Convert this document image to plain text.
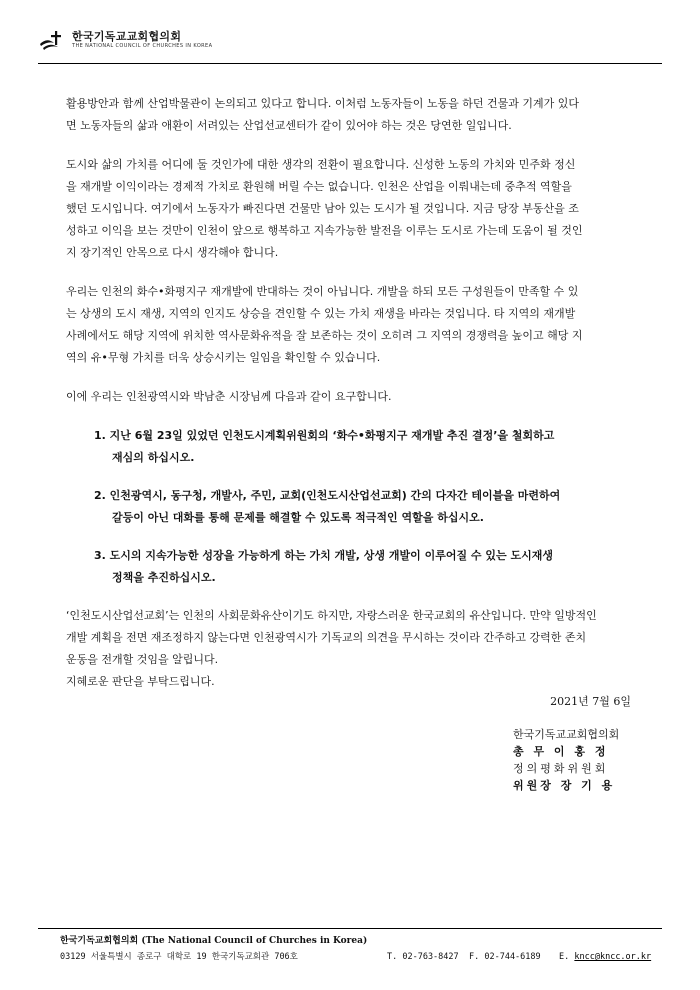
한국기독교교회협의회
THE NATIONAL COUNCIL OF CHURCHES IN KOREA

활용방안과 함께 산업박물관이 논의되고 있다고 합니다. 이처럼 노동자들이 노동을 하던 건물과 기계가 있다
면 노동자들의 삶과 애환이 서려있는 산업선교센터가 같이 있어야 하는 것은 당연한 일입니다.

도시와 삶의 가치를 어디에 둘 것인가에 대한 생각의 전환이 필요합니다. 신성한 노동의 가치와 민주화 정신
을 재개발 이익이라는 경제적 가치로 환원해 버릴 수는 없습니다. 인천은 산업을 이뤄내는데 중추적 역할을
했던 도시입니다. 여기에서 노동자가 빠진다면 건물만 남아 있는 도시가 될 것입니다. 지금 당장 부동산을 조
성하고 이익을 보는 것만이 인천이 앞으로 행복하고 지속가능한 발전을 이루는 도시로 가는데 도움이 될 것인
지 장기적인 안목으로 다시 생각해야 합니다.

우리는 인천의 화수•화평지구 재개발에 반대하는 것이 아닙니다. 개발을 하되 모든 구성원들이 만족할 수 있
는 상생의 도시 재생, 지역의 인지도 상승을 견인할 수 있는 가치 재생을 바라는 것입니다. 타 지역의 재개발
사례에서도 해당 지역에 위치한 역사문화유적을 잘 보존하는 것이 오히려 그 지역의 경쟁력을 높이고 해당 지
역의 유•무형 가치를 더욱 상승시키는 일임을 확인할 수 있습니다.

이에 우리는 인천광역시와 박남춘 시장님께 다음과 같이 요구합니다.

1. 지난 6월 23일 있었던 인천도시계획위원회의 ‘화수•화평지구 재개발 추진 결정’을 철회하고
재심의 하십시오.
2. 인천광역시, 동구청, 개발사, 주민, 교회(인천도시산업선교회) 간의 다자간 테이블을 마련하여
갈등이 아닌 대화를 통해 문제를 해결할 수 있도록 적극적인 역할을 하십시오.
3. 도시의 지속가능한 성장을 가능하게 하는 가치 개발, 상생 개발이 이루어질 수 있는 도시재생
정책을 추진하십시오.

‘인천도시산업선교회’는 인천의 사회문화유산이기도 하지만, 자랑스러운 한국교회의 유산입니다. 만약 일방적인
개발 계획을 전면 재조정하지 않는다면 인천광역시가 기독교의 의견을 무시하는 것이라 간주하고 강력한 존치
운동을 전개할 것임을 알립니다.
지혜로운 판단을 부탁드립니다.

2021년 7월 6일
한국기독교교회협의회
총 무 이 홍 정
정의평화위원회
위원장 장 기 용
한국기독교회협의회 (The National Council of Churches in Korea)
03129 서울특별시 종로구 대학로 19 한국기독교회관 706호	T. 02-763-8427	F. 02-744-6189	E.
kncc@kncc.or.kr
